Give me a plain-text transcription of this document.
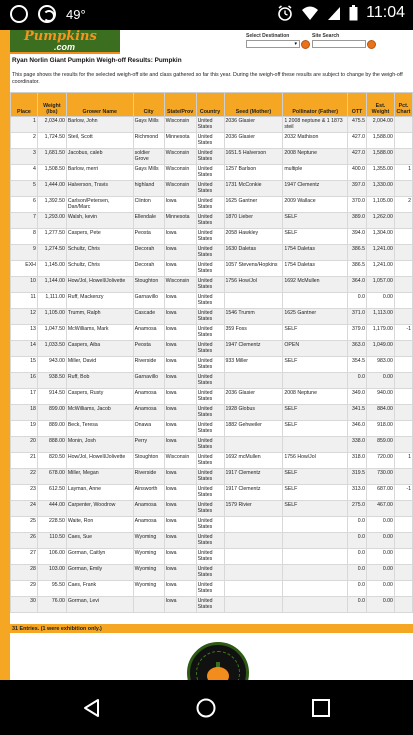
49°	11:04
Pumpkins
.com
Select Destination
▾
Site Search
Ryan Norlin Giant Pumpkin Weigh-off Results: Pumpkin
This page shows the results for the selected weigh-off site and class gathered so far this year. During the weigh-off these results are subject to change by the weigh-off coordinator.
Place	Weight (lbs)	Grower Name	City	State/Prov	Country	Seed (Mother)	Pollinator (Father)	OTT	Est. Weight	Pct. Chart
1	2,034.00	Barlow, John	Gays Mills	Wisconsin	United States	2036 Glasier	1 2008 neptune & 1 1873 steil	475.5	2,004.00	
2	1,724.50	Steil, Scott	Richmond	Minnesota	United States	2036 Glasier	2032 Mathison	427.0	1,588.00	
3	1,681.50	Jacobus, caleb	soldier Grove	Wisconsin	United States	1651.5 Halverson	2008 Neptune	427.0	1,588.00	
4	1,508.50	Barlow, merri	Gays Mills	Wisconsin	United States	1257 Barlson	multiple	400.0	1,355.00	1
5	1,444.00	Halverson, Travis	highland	Wisconsin	United States	1731 McConkie	1947 Clementz	397.0	1,330.00	
6	1,392.50	Carlson/Petersen, Dan/Marc	Clinton	Iowa	United States	1625 Gantner	2009 Wallace	370.0	1,105.00	2
7	1,293.00	Walsh, kevin	Ellendale	Minnesota	United States	1870 Lieber	SELF	389.0	1,262.00	
8	1,277.50	Caspers, Pete	Peosta	Iowa	United States	2058 Hawkley	SELF	394.0	1,304.00	
9	1,274.50	Schultz, Chris	Decorah	Iowa	United States	1630 Daletas	1754 Daletas	386.5	1,241.00	
EXH	1,145.00	Schultz, Chris	Decorah	Iowa	United States	1057 Stevens/Hopkins	1754 Daletas	386.5	1,241.00	
10	1,144.00	How/Jol, Howell/Jolivette	Stoughton	Wisconsin	United States	1756 How/Jol	1692 McMullen	364.0	1,057.00	
11	1,111.00	Ruff, Mackenzy	Garnavillo	Iowa	United States			0.0	0.00	
12	1,105.00	Trumm, Ralph	Cascade	Iowa	United States	1546 Trumm	1625 Gantner	371.0	1,113.00	
13	1,047.50	McWilliams, Mark	Anamosa	Iowa	United States	359 Foss	SELF	379.0	1,179.00	-1
14	1,033.50	Caspers, Aiba	Peosta	Iowa	United States	1947 Clementz	OPEN	363.0	1,049.00	
15	943.00	Miller, David	Riverside	Iowa	United States	933 Miller	SELF	354.5	983.00	
16	938.50	Ruff, Bob	Garnavillo	Iowa	United States			0.0	0.00	
17	914.50	Caspers, Rusty	Anamosa	Iowa	United States	2036 Glasier	2008 Neptune	349.0	940.00	
18	899.00	McWilliams, Jacob	Anamosa	Iowa	United States	1928 Globus	SELF	341.5	884.00	
19	889.00	Beck, Teresa	Onawa	Iowa	United States	1882 Gehweiler	SELF	346.0	918.00	
20	888.00	Monin, Josh	Perry	Iowa	United States			338.0	859.00	
21	820.50	How/Jol, Howell/Jolivette	Stoughton	Wisconsin	United States	1692 mcMullen	1756 How/Jol	318.0	720.00	1
22	678.00	Miller, Megan	Riverside	Iowa	United States	1917 Clementz	SELF	319.5	730.00	
23	612.50	Layman, Anne	Ainsworth	Iowa	United States	1917 Clementz	SELF	313.0	687.00	-1
24	444.00	Carpenter, Woodrow	Anamosa	Iowa	United States	1579 Rivier	SELF	275.0	467.00	
25	228.50	Waite, Ron	Anamosa	Iowa	United States			0.0	0.00	
26	110.50	Caes, Sue	Wyoming	Iowa	United States			0.0	0.00	
27	106.00	Gorman, Caitlyn	Wyoming	Iowa	United States			0.0	0.00	
28	103.00	Gorman, Emily	Wyoming	Iowa	United States			0.0	0.00	
29	95.50	Caes, Frank	Wyoming	Iowa	United States			0.0	0.00	
30	76.00	Gorman, Levi		Iowa	United States			0.0	0.00	
31 Entries. (1 were exhibition only.)
